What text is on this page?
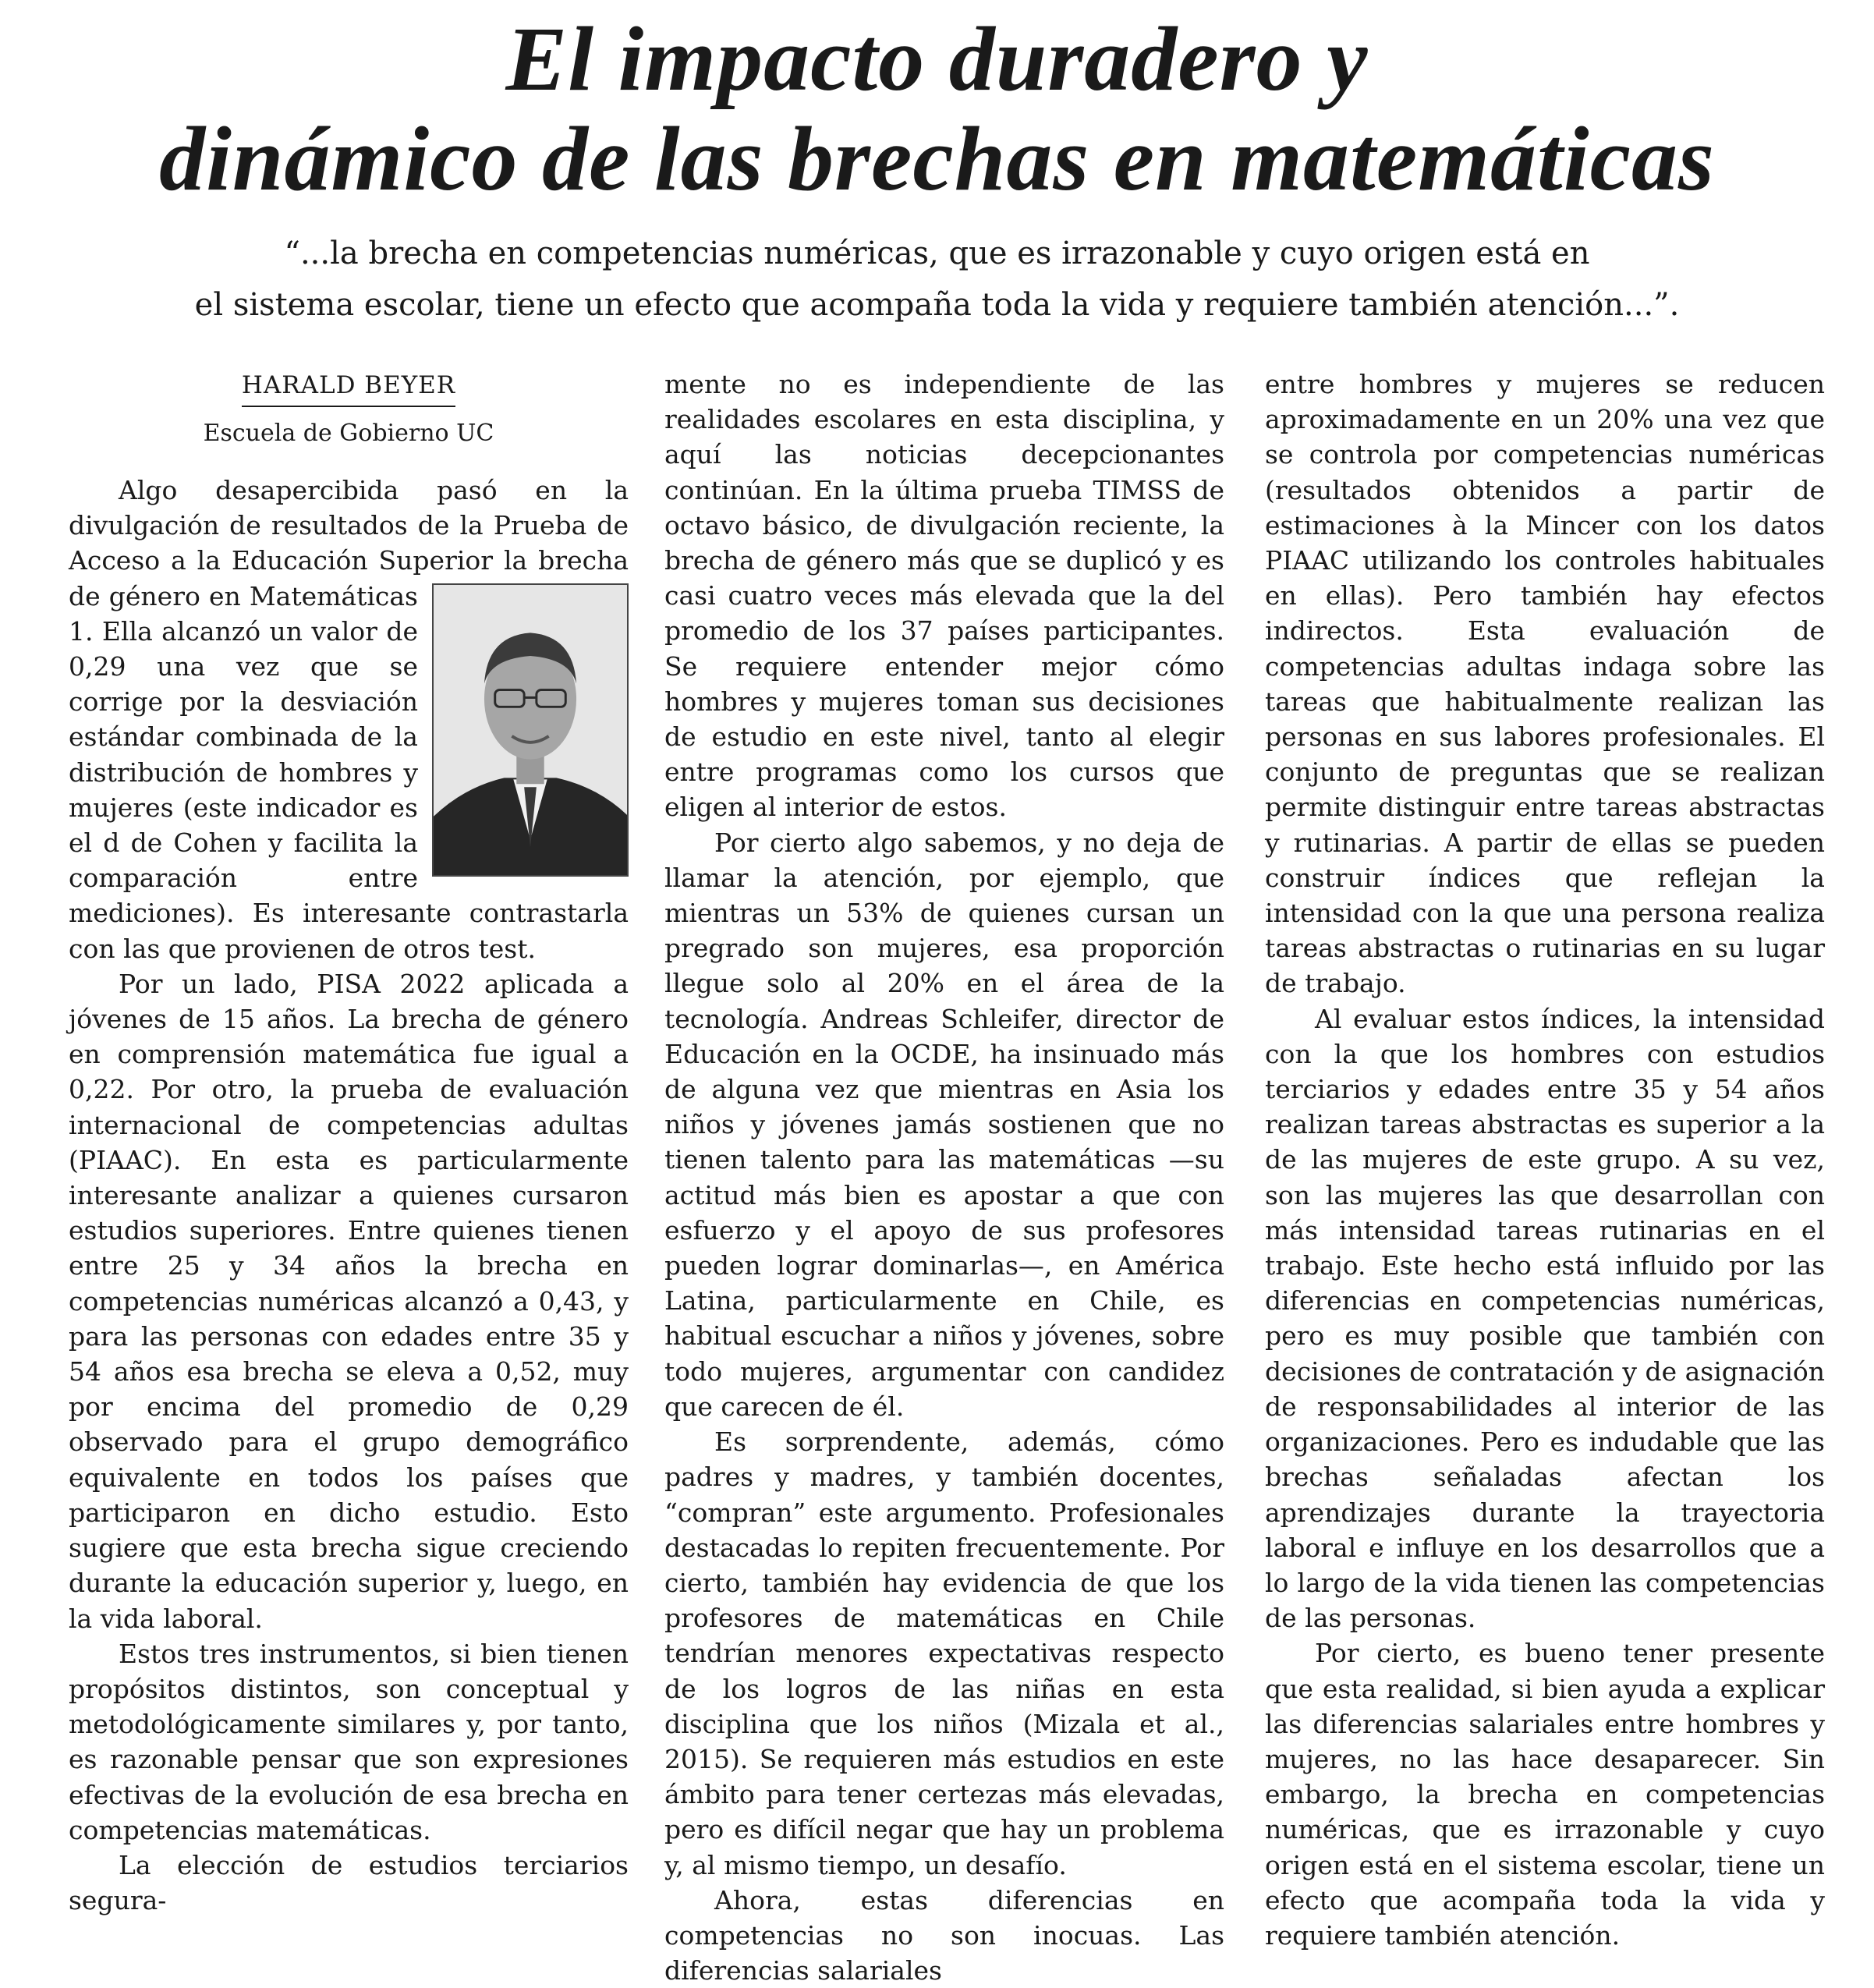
El impacto duradero y
dinámico de las brechas en matemáticas
“...la brecha en competencias numéricas, que es irrazonable y cuyo origen está en
el sistema escolar, tiene un efecto que acompaña toda la vida y requiere también atención...”.
HARALD BEYER
Escuela de Gobierno UC

Algo desapercibida pasó en la divulgación de resultados de la Prueba de Acceso a la Educación Superior
la brecha de género en Matemáticas 1. Ella alcanzó un valor de 0,29 una vez que se corrige por la desviación estándar combinada de la distribución de hombres y mujeres (este indicador es el d de Cohen y facilita la comparación entre mediciones). Es interesante contrastarla con las que provienen de otros test.

Por un lado, PISA 2022 aplicada a jóvenes de 15 años. La brecha de género en comprensión matemática fue igual a 0,22. Por otro, la prueba de evaluación internacional de competencias adultas (PIAAC). En esta es particularmente interesante analizar a quienes cursaron estudios superiores. Entre quienes tienen entre 25 y 34 años la brecha en competencias numéricas alcanzó a 0,43, y para las personas con edades entre 35 y 54 años esa brecha se eleva a 0,52, muy por encima del promedio de 0,29 observado para el grupo demográfico equivalente en todos los países que participaron en dicho estudio. Esto sugiere que esta brecha sigue creciendo durante la educación superior y, luego, en la vida laboral.

Estos tres instrumentos, si bien tienen propósitos distintos, son conceptual y metodológicamente similares y, por tanto, es razonable pensar que son expresiones efectivas de la evolución de esa brecha en competencias matemáticas.

La elección de estudios terciarios segura-

mente no es independiente de las realidades escolares en esta disciplina, y aquí las noticias decepcionantes continúan. En la última prueba TIMSS de octavo básico, de divulgación reciente, la brecha de género más que se duplicó y es casi cuatro veces más elevada que la del promedio de los 37 países participantes. Se requiere entender mejor cómo hombres y mujeres toman sus decisiones de estudio en este nivel, tanto al elegir entre programas como los cursos que eligen al interior de estos.

Por cierto algo sabemos, y no deja de llamar la atención, por ejemplo, que mientras un 53% de quienes cursan un pregrado son mujeres, esa proporción llegue solo al 20% en el área de la tecnología. Andreas Schleifer, director de Educación en la OCDE, ha insinuado más de alguna vez que mientras en Asia los niños y jóvenes jamás sostienen que no tienen talento para las matemáticas —su actitud más bien es apostar a que con esfuerzo y el apoyo de sus profesores pueden lograr dominarlas—, en América Latina, particularmente en Chile, es habitual escuchar a niños y jóvenes, sobre todo mujeres, argumentar con candidez que carecen de él.

Es sorprendente, además, cómo padres y madres, y también docentes, “compran” este argumento. Profesionales destacadas lo repiten frecuentemente. Por cierto, también hay evidencia de que los profesores de matemáticas en Chile tendrían menores expectativas respecto de los logros de las niñas en esta disciplina que los niños (Mizala et al., 2015). Se requieren más estudios en este ámbito para tener certezas más elevadas, pero es difícil negar que hay un problema y, al mismo tiempo, un desafío.

Ahora, estas diferencias en competencias no son inocuas. Las diferencias salariales

entre hombres y mujeres se reducen aproximadamente en un 20% una vez que se controla por competencias numéricas (resultados obtenidos a partir de estimaciones à la Mincer con los datos PIAAC utilizando los controles habituales en ellas). Pero también hay efectos indirectos. Esta evaluación de competencias adultas indaga sobre las tareas que habitualmente realizan las personas en sus labores profesionales. El conjunto de preguntas que se realizan permite distinguir entre tareas abstractas y rutinarias. A partir de ellas se pueden construir índices que reflejan la intensidad con la que una persona realiza tareas abstractas o rutinarias en su lugar de trabajo.

Al evaluar estos índices, la intensidad con la que los hombres con estudios terciarios y edades entre 35 y 54 años realizan tareas abstractas es superior a la de las mujeres de este grupo. A su vez, son las mujeres las que desarrollan con más intensidad tareas rutinarias en el trabajo. Este hecho está influido por las diferencias en competencias numéricas, pero es muy posible que también con decisiones de contratación y de asignación de responsabilidades al interior de las organizaciones. Pero es indudable que las brechas señaladas afectan los aprendizajes durante la trayectoria laboral e influye en los desarrollos que a lo largo de la vida tienen las competencias de las personas.

Por cierto, es bueno tener presente que esta realidad, si bien ayuda a explicar las diferencias salariales entre hombres y mujeres, no las hace desaparecer. Sin embargo, la brecha en competencias numéricas, que es irrazonable y cuyo origen está en el sistema escolar, tiene un efecto que acompaña toda la vida y requiere también atención.
